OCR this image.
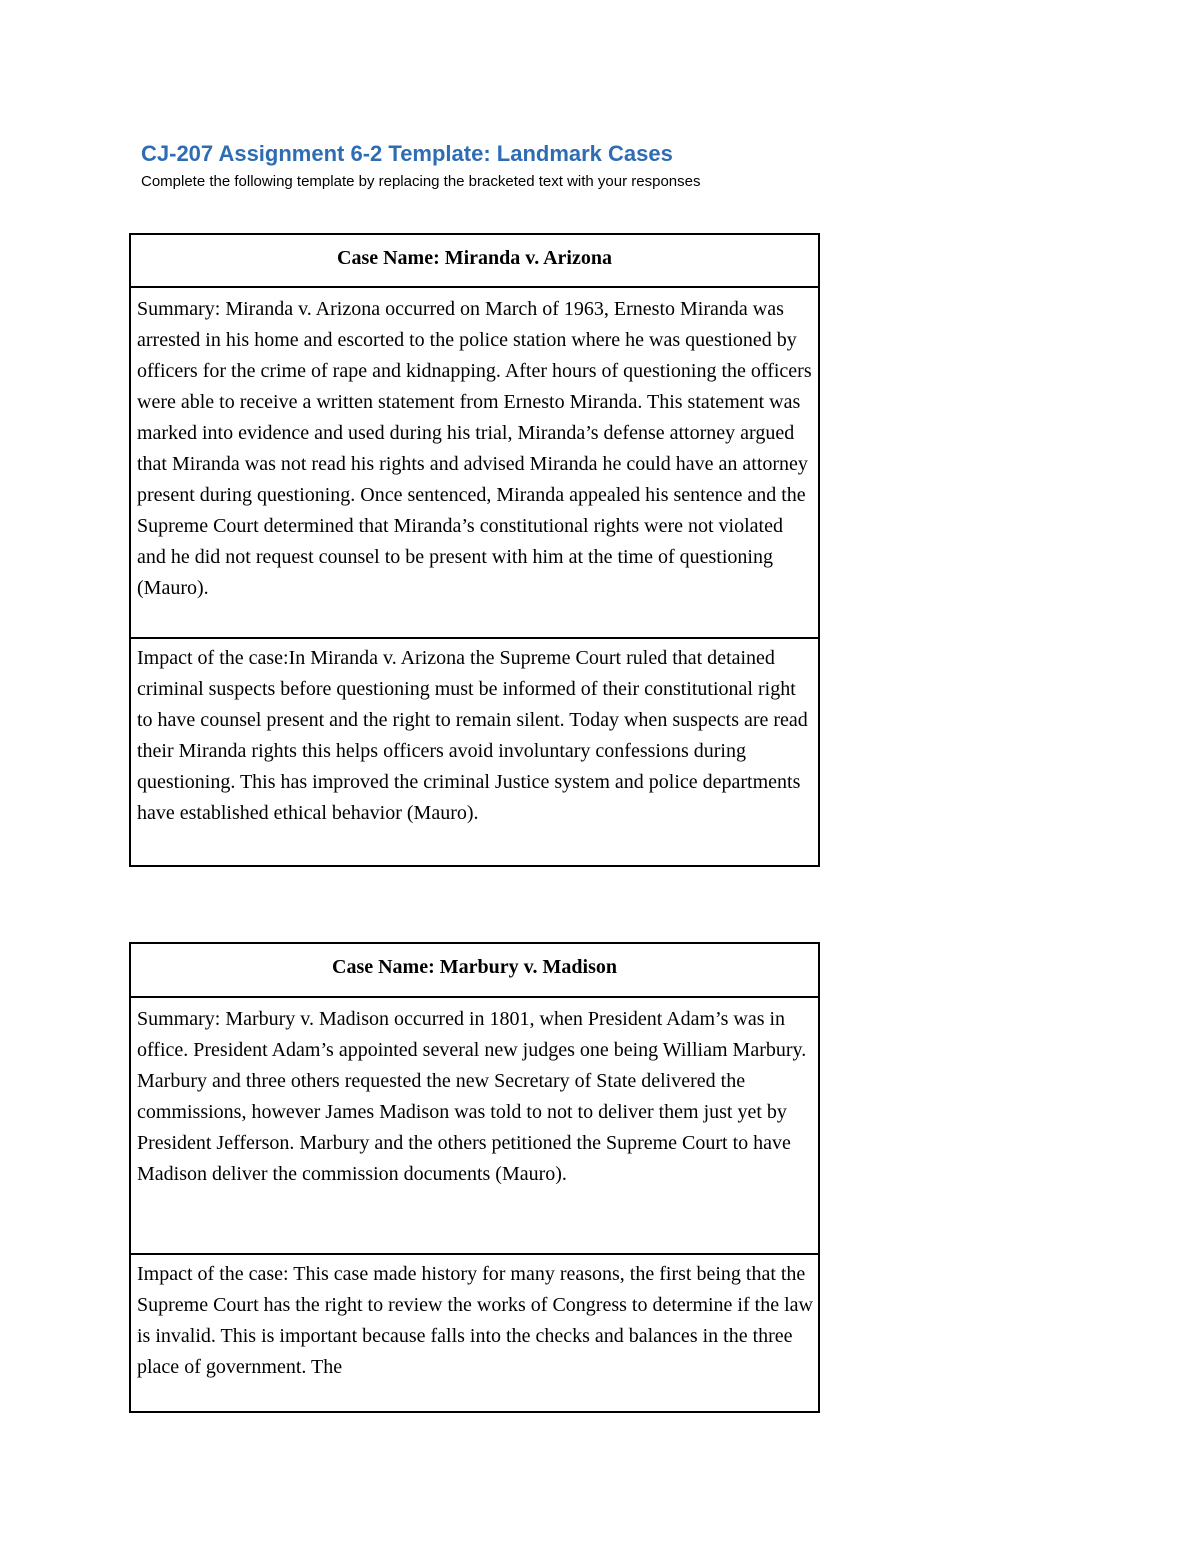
CJ-207 Assignment 6-2 Template: Landmark Cases

Complete the following template by replacing the bracketed text with your responses

Case Name: Miranda v. Arizona
Summary: Miranda v. Arizona occurred on March of 1963, Ernesto Miranda was arrested in his home and escorted to the police station where he was questioned by officers for the crime of rape and kidnapping. After hours of questioning the officers were able to receive a written statement from Ernesto Miranda. This statement was marked into evidence and used during his trial, Miranda’s defense attorney argued that Miranda was not read his rights and advised Miranda he could have an attorney present during questioning. Once sentenced, Miranda appealed his sentence and the Supreme Court determined that Miranda’s constitutional rights were not violated and he did not request counsel to be present with him at the time of questioning (Mauro).
Impact of the case:In Miranda v. Arizona the Supreme Court ruled that detained criminal suspects before questioning must be informed of their constitutional right to have counsel present and the right to remain silent. Today when suspects are read their Miranda rights this helps officers avoid involuntary confessions during questioning. This has improved the criminal Justice system and police departments have established ethical behavior (Mauro).
Case Name: Marbury v. Madison
Summary: Marbury v. Madison occurred in 1801, when President Adam’s was in office. President Adam’s appointed several new judges one being William Marbury. Marbury and three others requested the new Secretary of State delivered the commissions, however James Madison was told to not to deliver them just yet by President Jefferson. Marbury and the others petitioned the Supreme Court to have Madison deliver the commission documents (Mauro).
Impact of the case: This case made history for many reasons, the first being that the Supreme Court has the right to review the works of Congress to determine if the law is invalid. This is important because falls into the checks and balances in the three place of government. The
